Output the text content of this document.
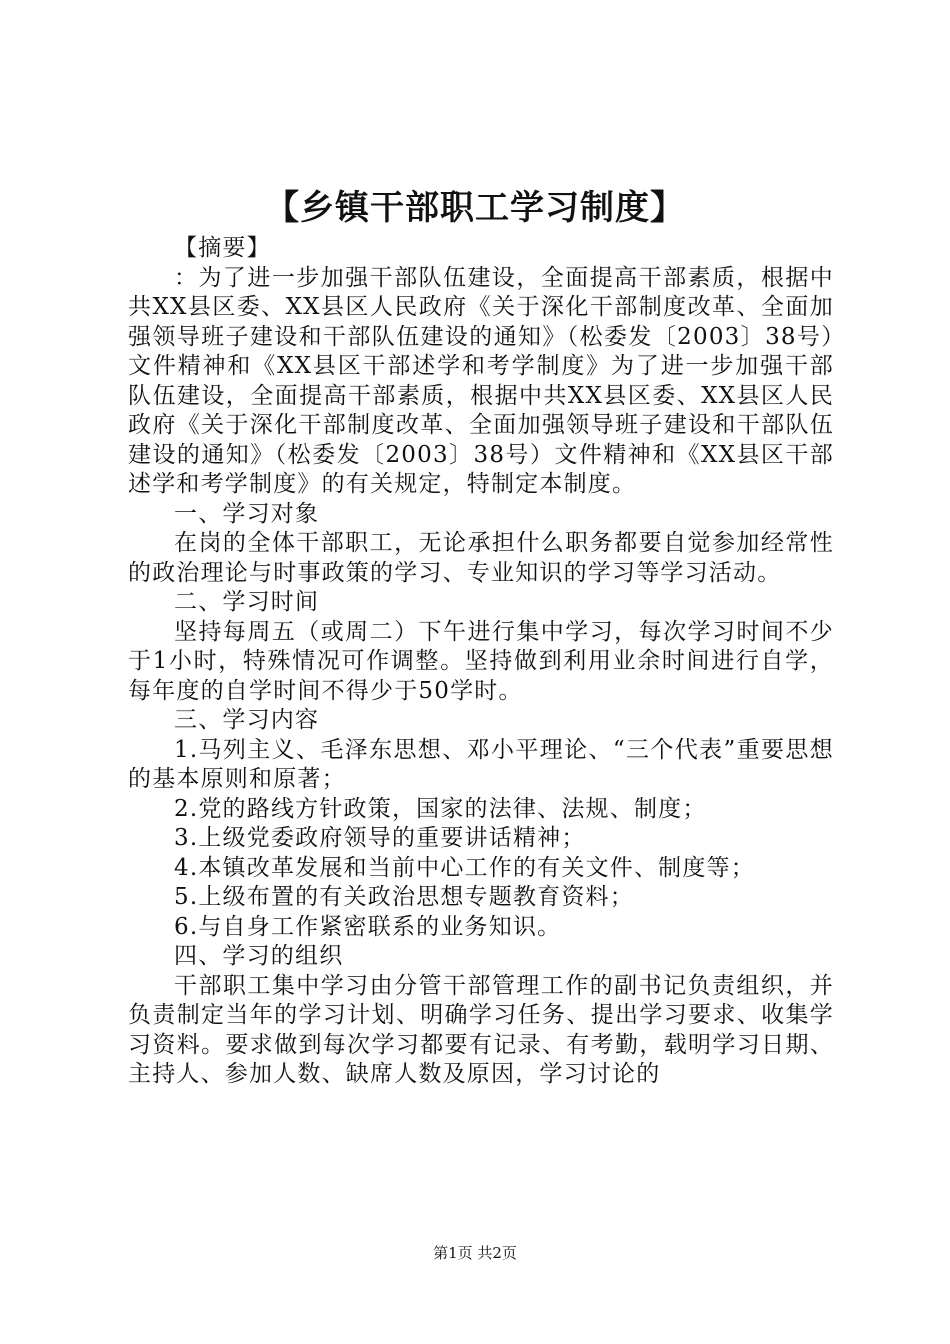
【乡镇干部职工学习制度】

【摘要】

：为了进一步加强干部队伍建设，全面提高干部素质，根据中共XX县区委、XX县区人民政府《关于深化干部制度改革、全面加强领导班子建设和干部队伍建设的通知》（松委发〔2003〕38号）文件精神和《XX县区干部述学和考学制度》为了进一步加强干部队伍建设，全面提高干部素质，根据中共XX县区委、XX县区人民政府《关于深化干部制度改革、全面加强领导班子建设和干部队伍建设的通知》（松委发〔2003〕38号）文件精神和《XX县区干部述学和考学制度》的有关规定，特制定本制度。

一、学习对象

在岗的全体干部职工，无论承担什么职务都要自觉参加经常性的政治理论与时事政策的学习、专业知识的学习等学习活动。

二、学习时间

坚持每周五（或周二）下午进行集中学习，每次学习时间不少于1小时，特殊情况可作调整。坚持做到利用业余时间进行自学，每年度的自学时间不得少于50学时。

三、学习内容

1.马列主义、毛泽东思想、邓小平理论、“三个代表”重要思想的基本原则和原著；

2.党的路线方针政策，国家的法律、法规、制度；

3.上级党委政府领导的重要讲话精神；

4.本镇改革发展和当前中心工作的有关文件、制度等；

5.上级布置的有关政治思想专题教育资料；

6.与自身工作紧密联系的业务知识。

四、学习的组织

干部职工集中学习由分管干部管理工作的副书记负责组织，并负责制定当年的学习计划、明确学习任务、提出学习要求、收集学习资料。要求做到每次学习都要有记录、有考勤，载明学习日期、主持人、参加人数、缺席人数及原因，学习讨论的

第1页 共2页
